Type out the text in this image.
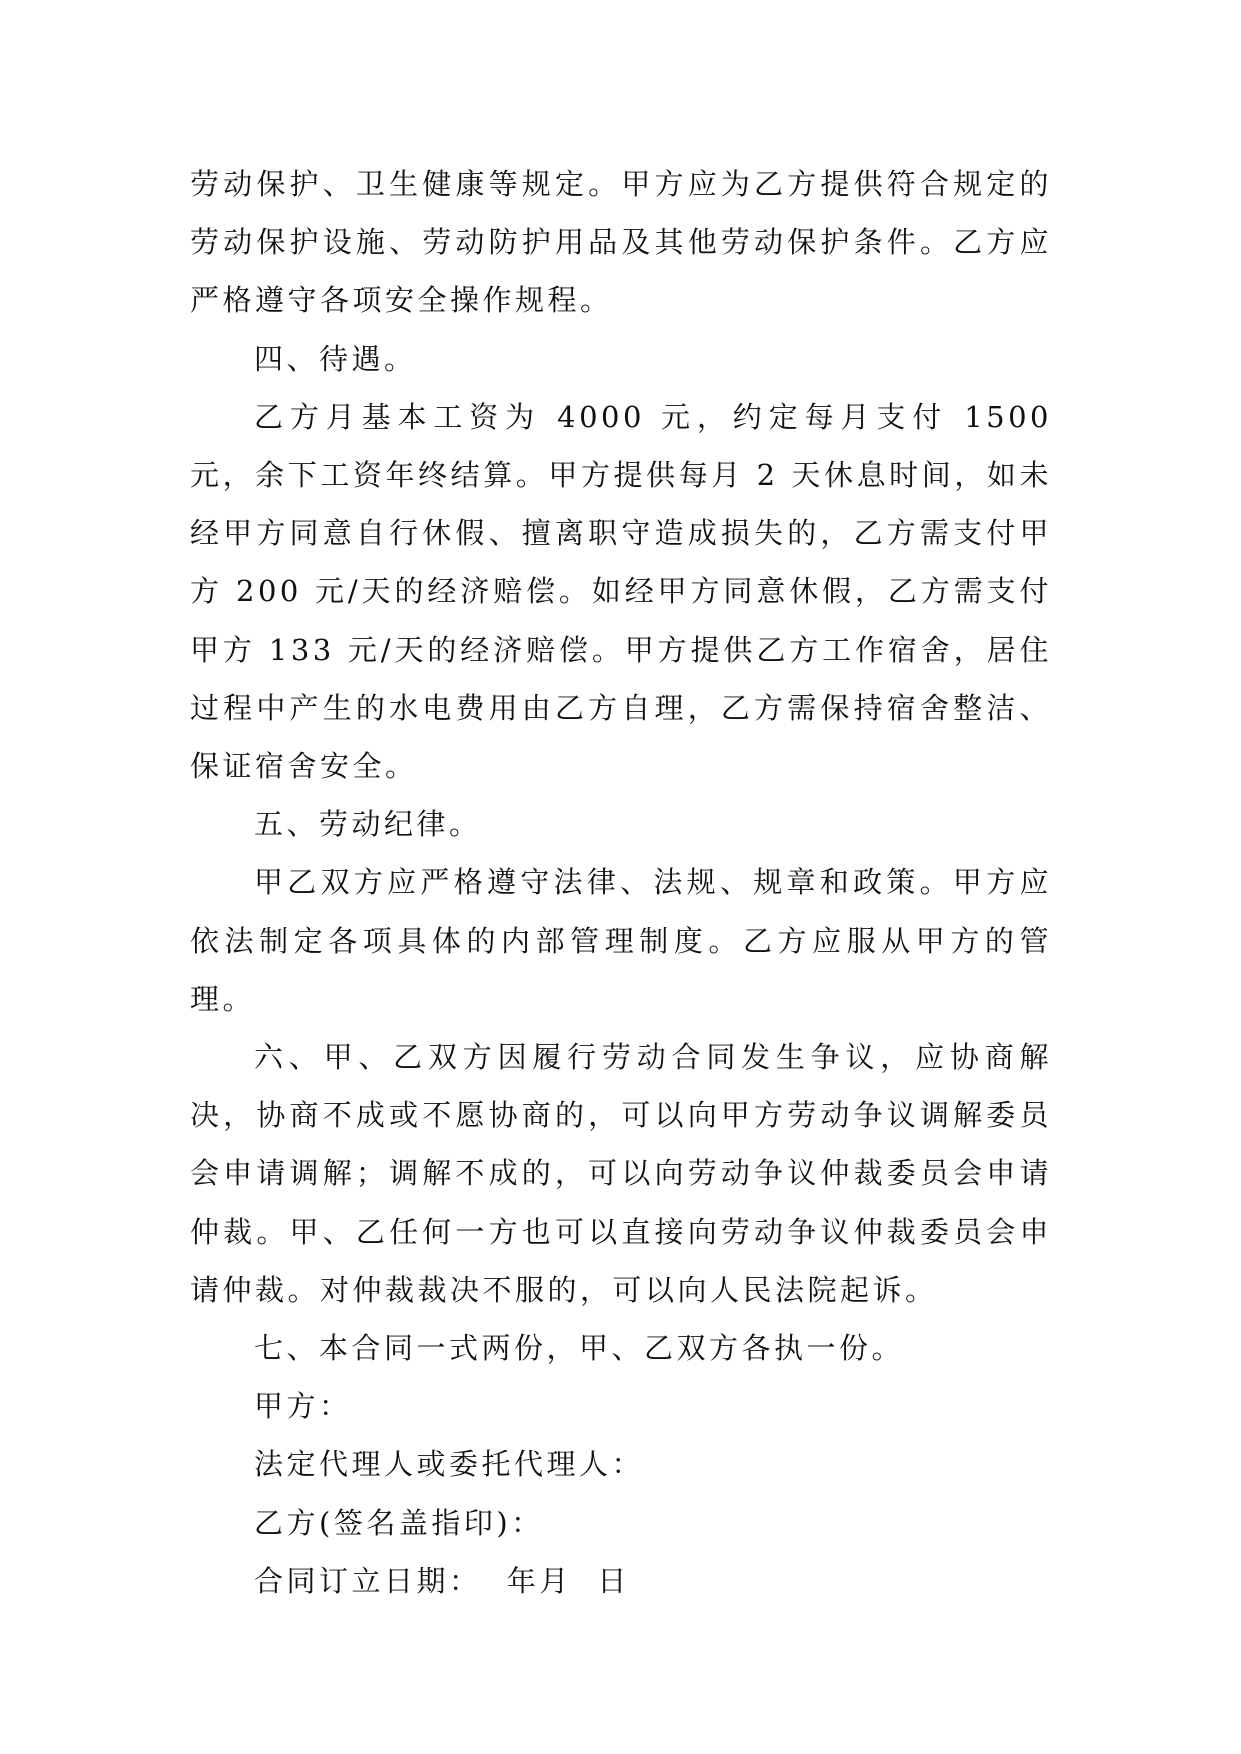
劳动保护、卫生健康等规定。甲方应为乙方提供符合规定的劳动保护设施、劳动防护用品及其他劳动保护条件。乙方应严格遵守各项安全操作规程。

四、待遇。

乙方月基本工资为 4000 元，约定每月支付 1500 元，余下工资年终结算。甲方提供每月 2 天休息时间，如未经甲方同意自行休假、擅离职守造成损失的，乙方需支付甲方 200 元/天的经济赔偿。如经甲方同意休假，乙方需支付甲方 133 元/天的经济赔偿。甲方提供乙方工作宿舍，居住过程中产生的水电费用由乙方自理，乙方需保持宿舍整洁、保证宿舍安全。

五、劳动纪律。

甲乙双方应严格遵守法律、法规、规章和政策。甲方应依法制定各项具体的内部管理制度。乙方应服从甲方的管理。

六、甲、乙双方因履行劳动合同发生争议，应协商解决，协商不成或不愿协商的，可以向甲方劳动争议调解委员会申请调解；调解不成的，可以向劳动争议仲裁委员会申请仲裁。甲、乙任何一方也可以直接向劳动争议仲裁委员会申请仲裁。对仲裁裁决不服的，可以向人民法院起诉。

七、本合同一式两份，甲、乙双方各执一份。

甲方：

法定代理人或委托代理人：

乙方(签名盖指印)：

合同订立日期：  年月  日
